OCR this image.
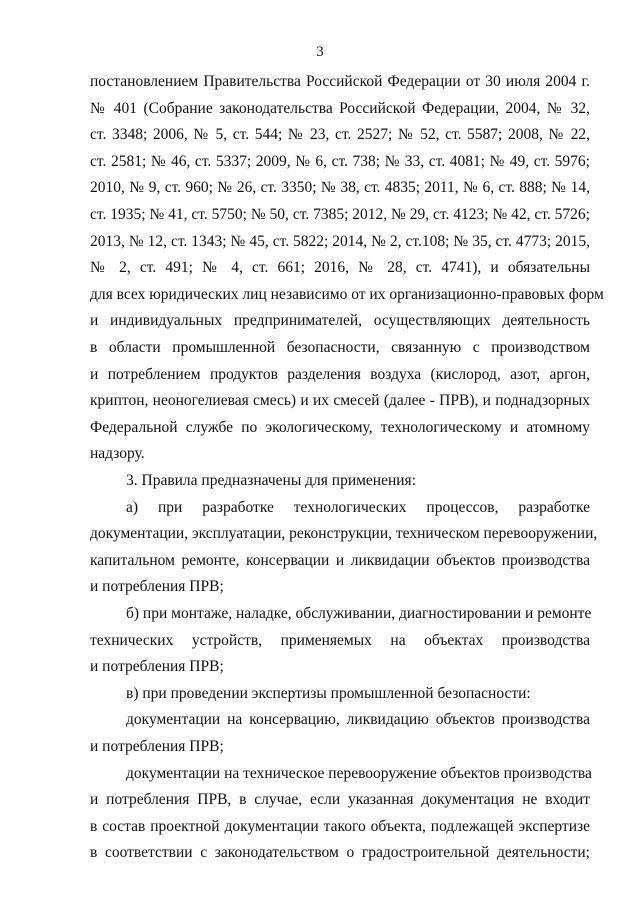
3
постановлением Правительства Российской Федерации от 30 июля 2004 г.
№ 401 (Собрание законодательства Российской Федерации, 2004, № 32,
ст. 3348; 2006, № 5, ст. 544; № 23, ст. 2527; № 52, ст. 5587; 2008, № 22,
ст. 2581; № 46, ст. 5337; 2009, № 6, ст. 738; № 33, ст. 4081; № 49, ст. 5976;
2010, № 9, ст. 960; № 26, ст. 3350; № 38, ст. 4835; 2011, № 6, ст. 888; № 14,
ст. 1935; № 41, ст. 5750; № 50, ст. 7385; 2012, № 29, ст. 4123; № 42, ст. 5726;
2013, № 12, ст. 1343; № 45, ст. 5822; 2014, № 2, ст.108; № 35, ст. 4773; 2015,
№ 2, ст. 491; № 4, ст. 661; 2016, № 28, ст. 4741), и обязательны
для всех юридических лиц независимо от их организационно-правовых форм
и индивидуальных предпринимателей, осуществляющих деятельность
в области промышленной безопасности, связанную с производством
и потреблением продуктов разделения воздуха (кислород, азот, аргон,
криптон, неоногелиевая смесь) и их смесей (далее - ПРВ), и поднадзорных
Федеральной службе по экологическому, технологическому и атомному
надзору.
3. Правила предназначены для применения:
а) при разработке технологических процессов, разработке
документации, эксплуатации, реконструкции, техническом перевооружении,
капитальном ремонте, консервации и ликвидации объектов производства
и потребления ПРВ;
б) при монтаже, наладке, обслуживании, диагностировании и ремонте
технических устройств, применяемых на объектах производства
и потребления ПРВ;
в) при проведении экспертизы промышленной безопасности:
документации на консервацию, ликвидацию объектов производства
и потребления ПРВ;
документации на техническое перевооружение объектов производства
и потребления ПРВ, в случае, если указанная документация не входит
в состав проектной документации такого объекта, подлежащей экспертизе
в соответствии с законодательством о градостроительной деятельности;
